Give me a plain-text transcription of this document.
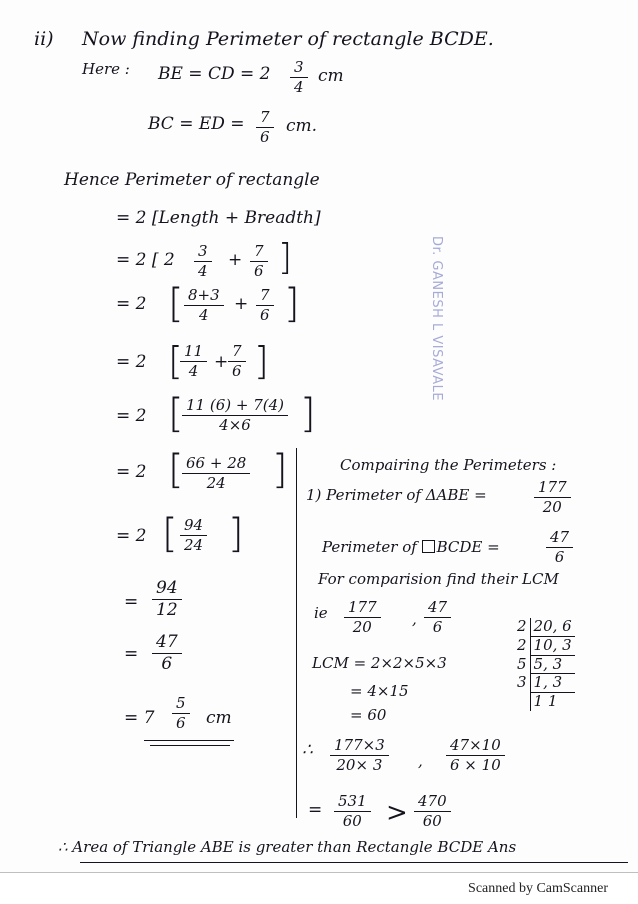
ii) Now finding Perimeter of rectangle BCDE.
Here : BE = CD = 2 3
4
cm
BC = ED = 7
6
cm.
Hence Perimeter of rectangle
= 2 [Length + Breadth]
= 2 [ 2 3
4
+ 7
6 ]
= 2 [ 8+3
4
+ 7
6 ]
= 2 [ 11
4 +
7
6 ]
= 2 [ 11 (6) + 7(4)
4×6	]
= 2 [ 66 + 28
24	]
= 2 [ 94
24 ]
=
94
12
=
47
6
= 7
5
6 cm
Compairing the Perimeters :
1) Perimeter of ΔABE =	177
20
Perimeter of BCDE =
47
6
For comparision find their LCM
ie 177
20	,
47
6
LCM = 2×2×5×3
= 4×15
= 60
2	20, 6
2	10, 3
5	5, 3
3	1, 3
	1 1
∴ 177×3
20× 3	,
47×10
6 × 10
= 531
60 > 470
60
∴ Area of Triangle ABE is greater than Rectangle BCDE Ans
Dr. GANESH L VISAVALE
Scanned by CamScanner
